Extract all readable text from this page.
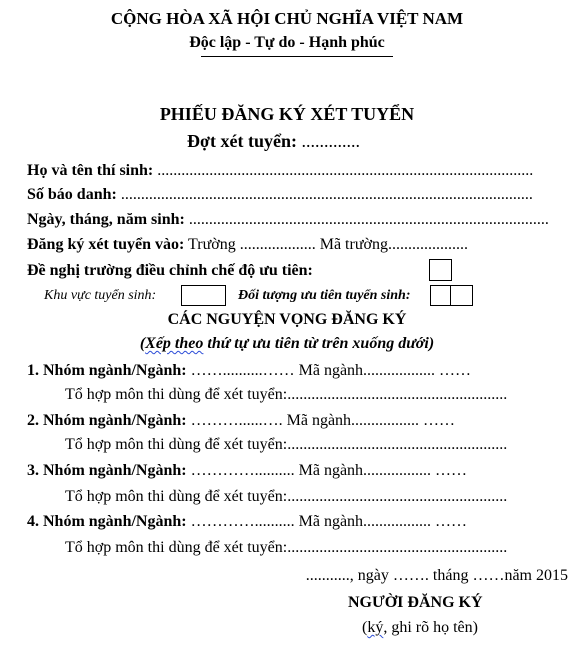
CỘNG HÒA XÃ HỘI CHỦ NGHĨA VIỆT NAM
Độc lập - Tự do - Hạnh phúc
PHIẾU ĐĂNG KÝ XÉT TUYỂN
Đợt xét tuyển: .............
Họ và tên thí sinh: ..............................................................................................
Số báo danh: .......................................................................................................
Ngày, tháng, năm sinh: ..........................................................................................
Đăng ký xét tuyển vào: Trường ................... Mã trường....................
Đề nghị trường điều chỉnh chế độ ưu tiên:
Khu vực tuyển sinh:	Đối tượng ưu tiên tuyển sinh:
CÁC NGUYỆN VỌNG ĐĂNG KÝ
(Xếp theo thứ tự ưu tiên từ trên xuống dưới)
1. Nhóm ngành/Ngành: ……..........…… Mã ngành.................. ……
Tổ hợp môn thi dùng để xét tuyển:.......................................................
2. Nhóm ngành/Ngành: ………......…. Mã ngành................. ……
Tổ hợp môn thi dùng để xét tuyển:.......................................................
3. Nhóm ngành/Ngành: ………….......... Mã ngành................. ……
Tổ hợp môn thi dùng để xét tuyển:.......................................................
4. Nhóm ngành/Ngành: ………….......... Mã ngành................. ……
Tổ hợp môn thi dùng để xét tuyển:.......................................................
..........., ngày ……. tháng ……năm 2015
NGƯỜI ĐĂNG KÝ
(ký, ghi rõ họ tên)
